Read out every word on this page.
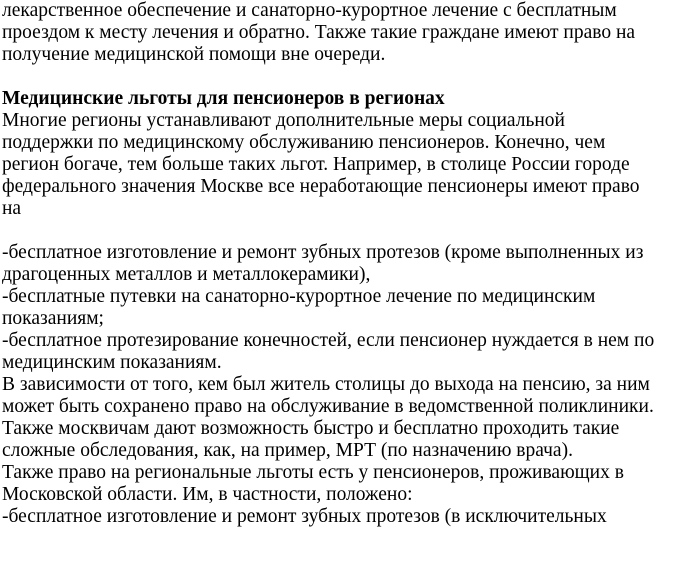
лекарственное обеспечение и санаторно-курортное лечение с бесплатным
проездом к месту лечения и обратно. Также такие граждане имеют право на
получение медицинской помощи вне очереди.
Медицинские льготы для пенсионеров в регионах
Многие регионы устанавливают дополнительные меры социальной
поддержки по медицинскому обслуживанию пенсионеров. Конечно, чем
регион богаче, тем больше таких льгот. Например, в столице России городе
федерального значения Москве все неработающие пенсионеры имеют право
на
-бесплатное изготовление и ремонт зубных протезов (кроме выполненных из
драгоценных металлов и металлокерамики),
-бесплатные путевки на санаторно-курортное лечение по медицинским
показаниям;
-бесплатное протезирование конечностей, если пенсионер нуждается в нем по
медицинским показаниям.
В зависимости от того, кем был житель столицы до выхода на пенсию, за ним
может быть сохранено право на обслуживание в ведомственной поликлиники.
Также москвичам дают возможность быстро и бесплатно проходить такие
сложные обследования, как, на пример, МРТ (по назначению врача).
Также право на региональные льготы есть у пенсионеров, проживающих в
Московской области. Им, в частности, положено:
-бесплатное изготовление и ремонт зубных протезов (в исключительных
